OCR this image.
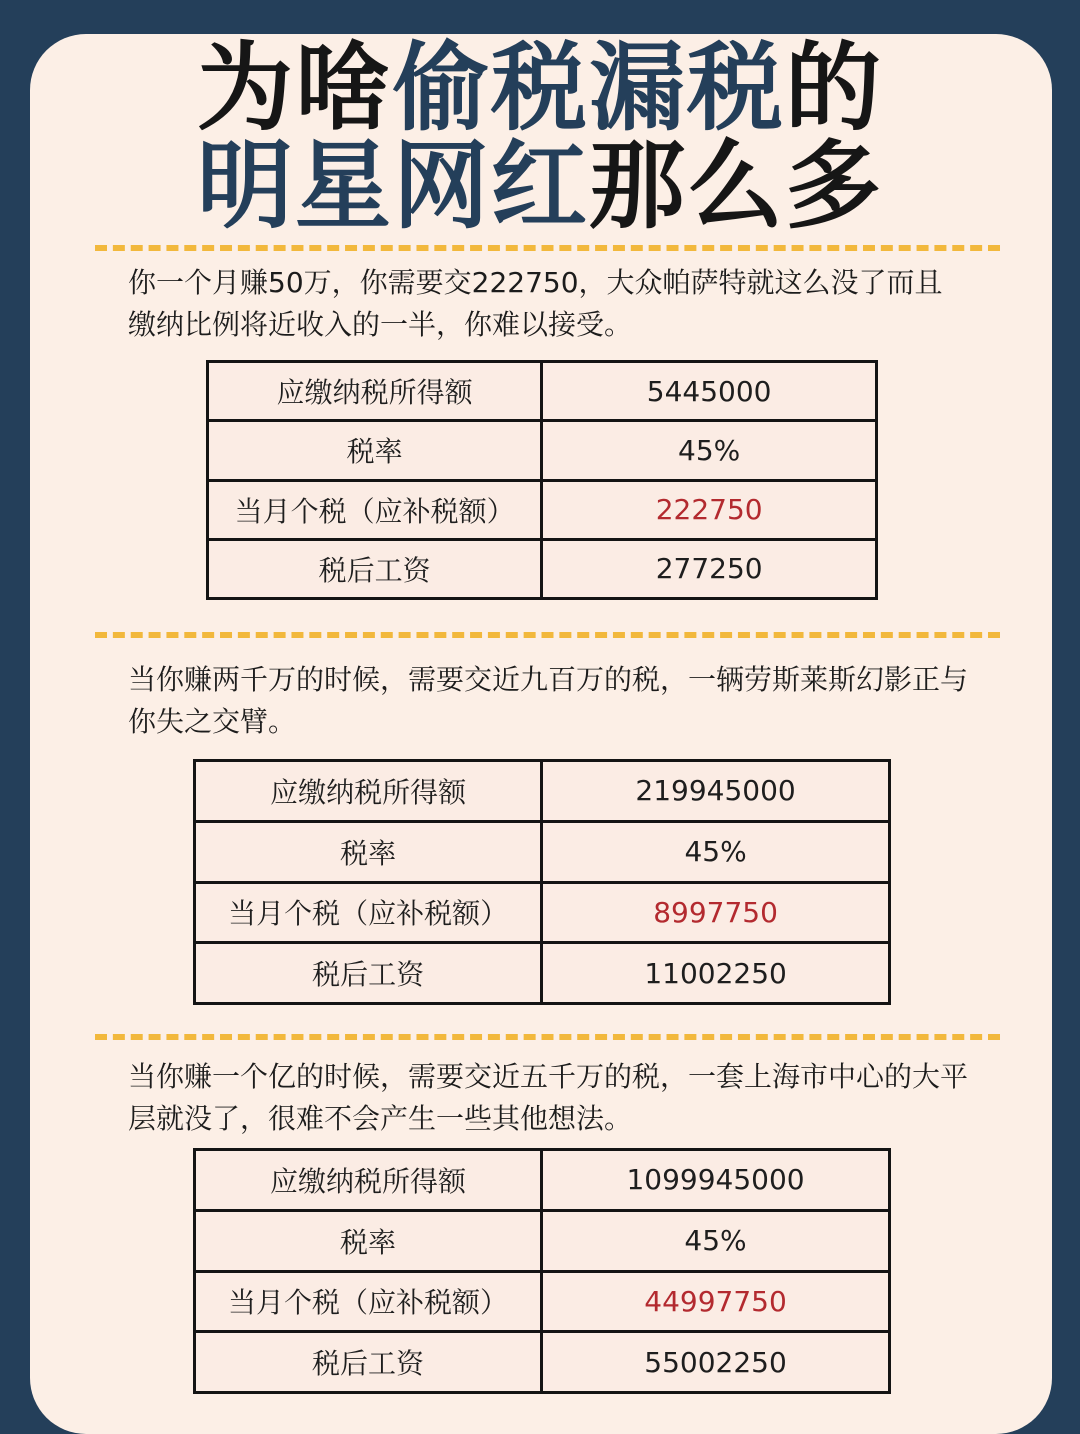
为啥偷税漏税的
明星网红那么多

你一个月赚50万，你需要交222750，大众帕萨特就这么没了而且缴纳比例将近收入的一半，你难以接受。

应缴纳税所得额	5445000
税率	45%
当月个税（应补税额）	222750
税后工资	277250

当你赚两千万的时候，需要交近九百万的税，一辆劳斯莱斯幻影正与你失之交臂。

应缴纳税所得额	219945000
税率	45%
当月个税（应补税额）	8997750
税后工资	11002250

当你赚一个亿的时候，需要交近五千万的税，一套上海市中心的大平层就没了，很难不会产生一些其他想法。

应缴纳税所得额	1099945000
税率	45%
当月个税（应补税额）	44997750
税后工资	55002250
